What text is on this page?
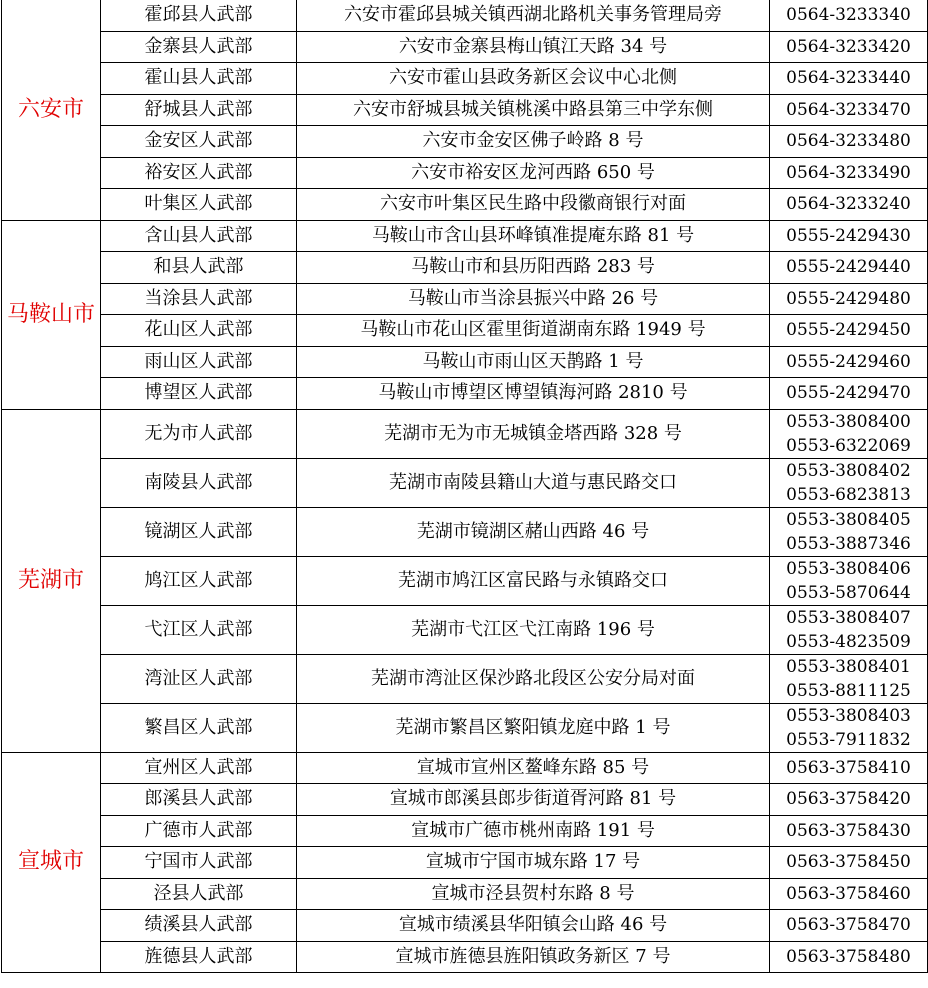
六安市	霍邱县人武部	六安市霍邱县城关镇西湖北路机关事务管理局旁	0564-3233340

	金寨县人武部	六安市金寨县梅山镇江天路 34 号	0564-3233420

	霍山县人武部	六安市霍山县政务新区会议中心北侧	0564-3233440

	舒城县人武部	六安市舒城县城关镇桃溪中路县第三中学东侧	0564-3233470

	金安区人武部	六安市金安区佛子岭路 8 号	0564-3233480

	裕安区人武部	六安市裕安区龙河西路 650 号	0564-3233490

	叶集区人武部	六安市叶集区民生路中段徽商银行对面	0564-3233240

马鞍山市	含山县人武部	马鞍山市含山县环峰镇准提庵东路 81 号	0555-2429430

	和县人武部	马鞍山市和县历阳西路 283 号	0555-2429440

	当涂县人武部	马鞍山市当涂县振兴中路 26 号	0555-2429480

	花山区人武部	马鞍山市花山区霍里街道湖南东路 1949 号	0555-2429450

	雨山区人武部	马鞍山市雨山区天鹊路 1 号	0555-2429460

	博望区人武部	马鞍山市博望区博望镇海河路 2810 号	0555-2429470

芜湖市	无为市人武部	芜湖市无为市无城镇金塔西路 328 号	0553-3808400
0553-6322069

	南陵县人武部	芜湖市南陵县籍山大道与惠民路交口	0553-3808402
0553-6823813

	镜湖区人武部	芜湖市镜湖区赭山西路 46 号	0553-3808405
0553-3887346

	鸠江区人武部	芜湖市鸠江区富民路与永镇路交口	0553-3808406
0553-5870644

	弋江区人武部	芜湖市弋江区弋江南路 196 号	0553-3808407
0553-4823509

	湾沚区人武部	芜湖市湾沚区保沙路北段区公安分局对面	0553-3808401
0553-8811125

	繁昌区人武部	芜湖市繁昌区繁阳镇龙庭中路 1 号	0553-3808403
0553-7911832

宣城市	宣州区人武部	宣城市宣州区鳌峰东路 85 号	0563-3758410

	郎溪县人武部	宣城市郎溪县郎步街道胥河路 81 号	0563-3758420

	广德市人武部	宣城市广德市桃州南路 191 号	0563-3758430

	宁国市人武部	宣城市宁国市城东路 17 号	0563-3758450

	泾县人武部	宣城市泾县贺村东路 8 号	0563-3758460

	绩溪县人武部	宣城市绩溪县华阳镇会山路 46 号	0563-3758470

	旌德县人武部	宣城市旌德县旌阳镇政务新区 7 号	0563-3758480
